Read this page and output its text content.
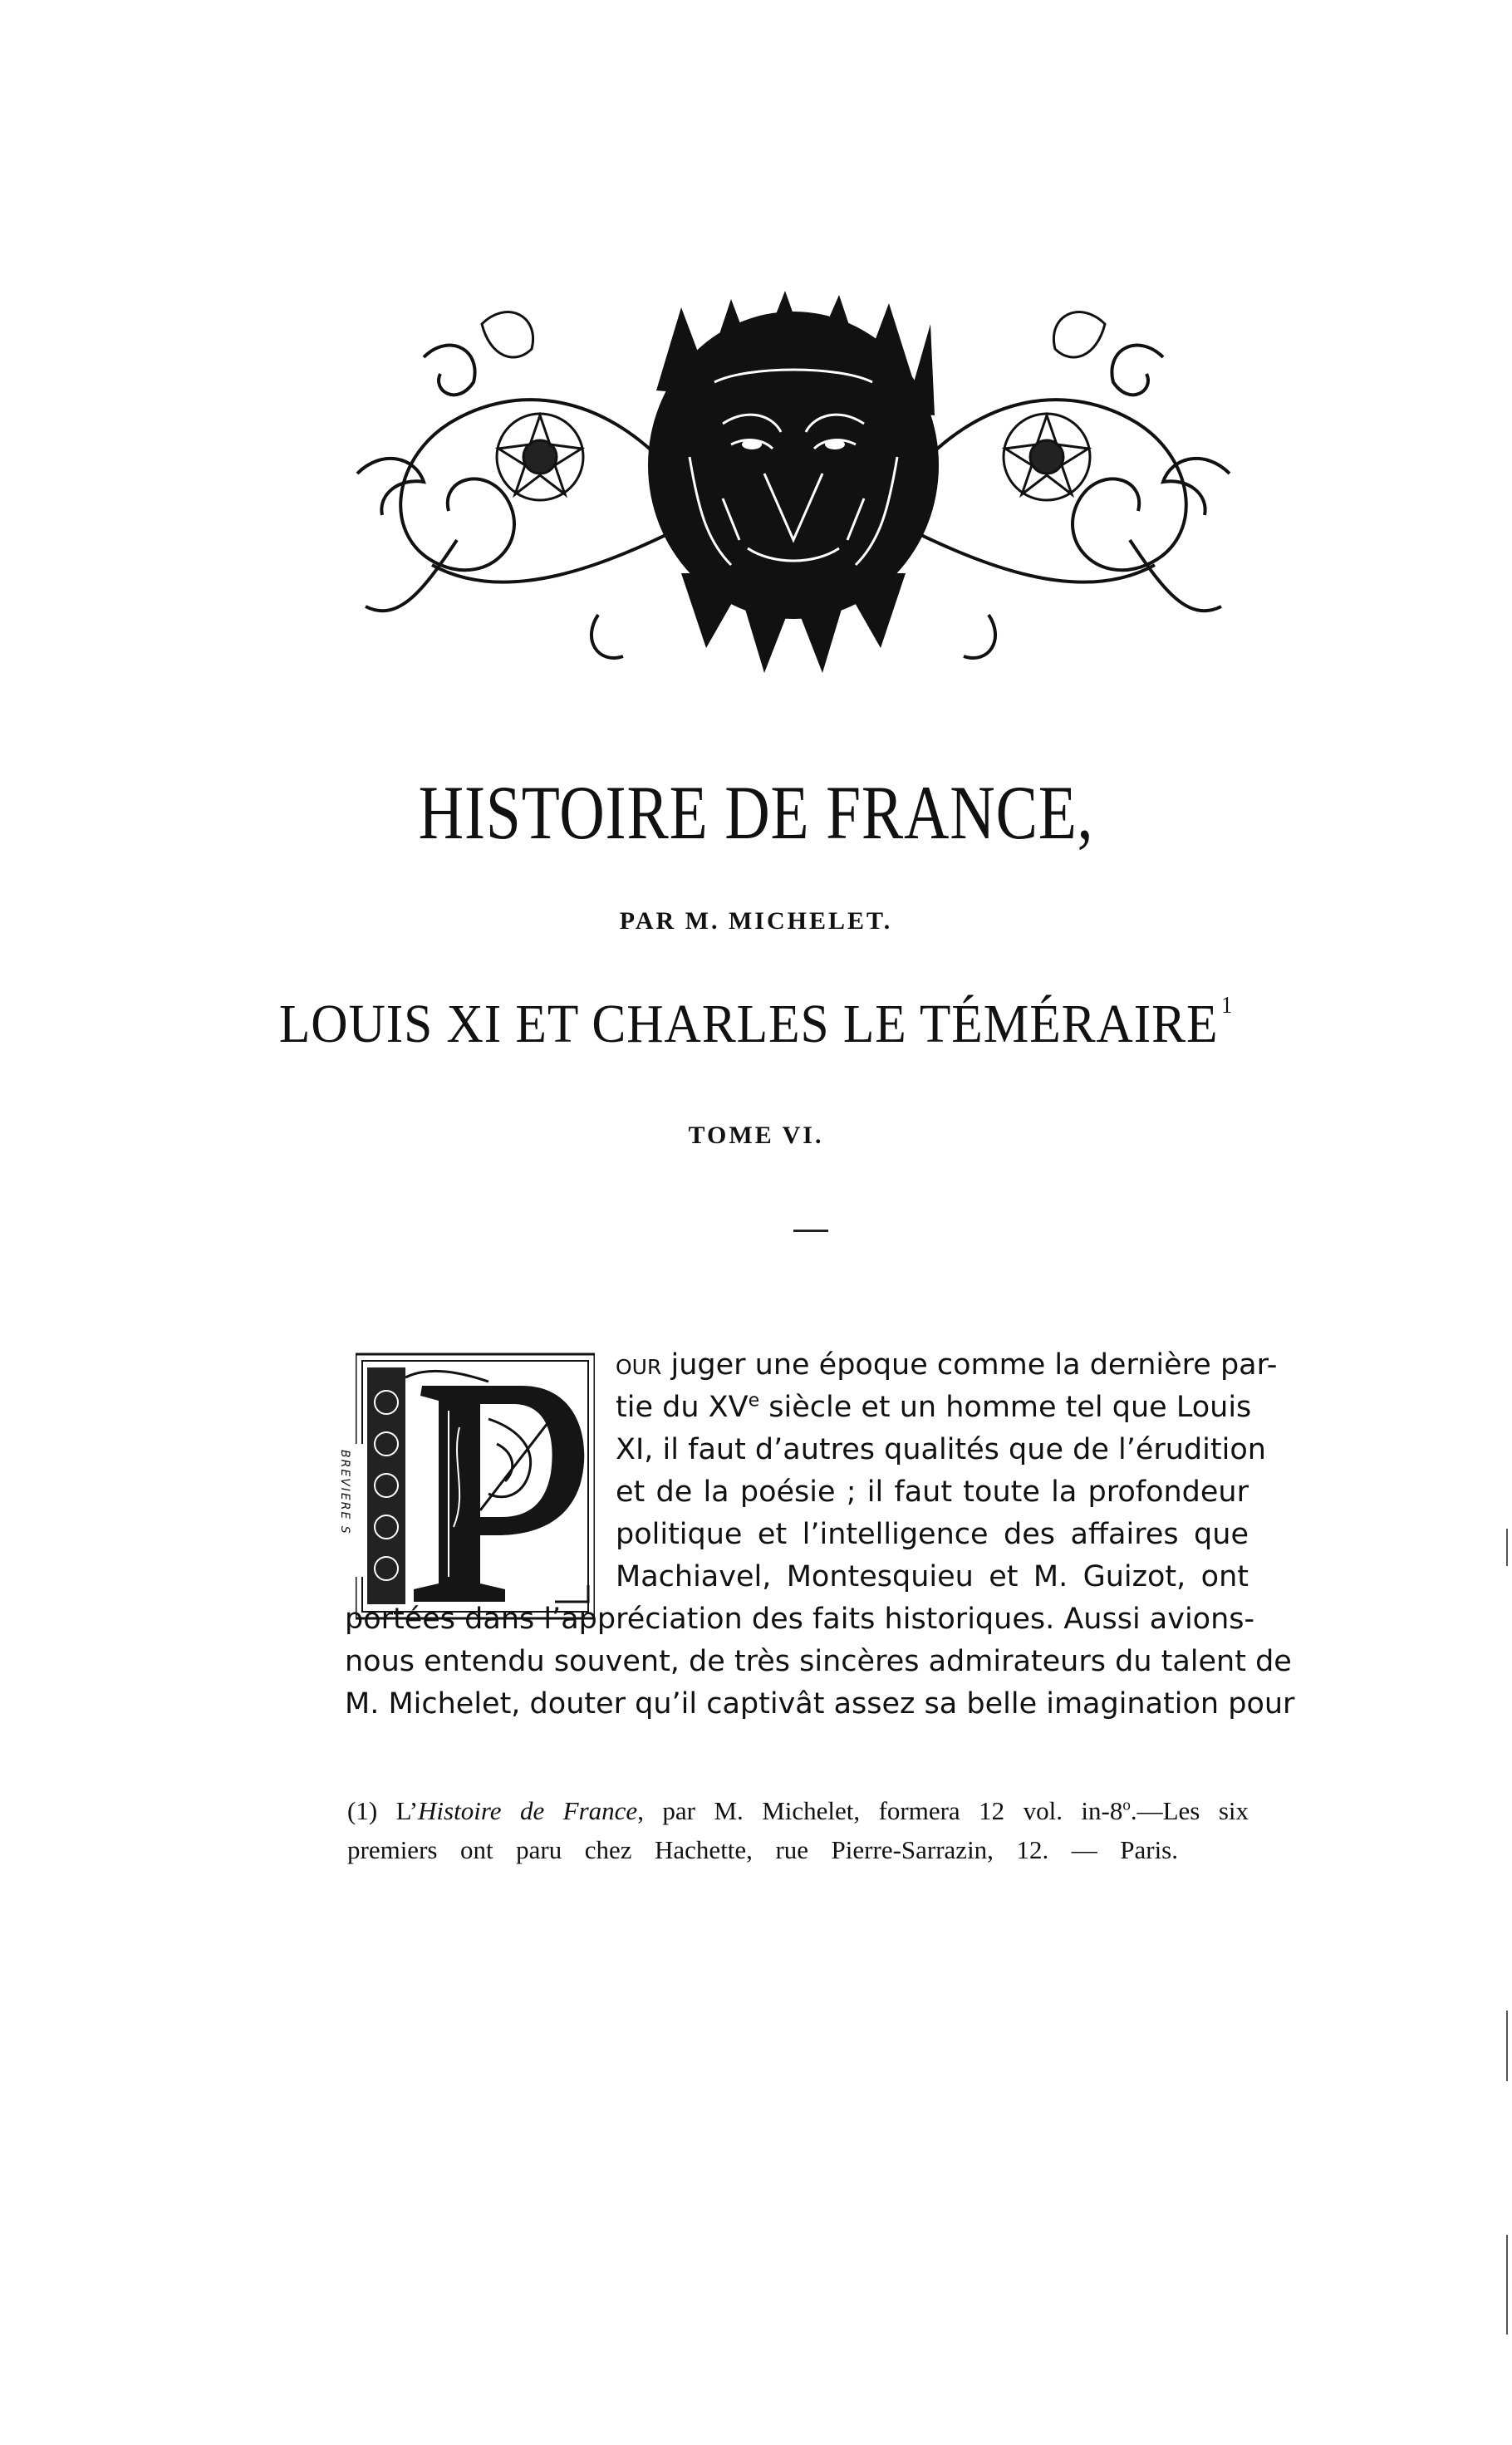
HISTOIRE DE FRANCE,
PAR M. MICHELET.
LOUIS XI ET CHARLES LE TÉMÉRAIRE $^1$
TOME VI.
BREVIERE S
our juger une époque comme la dernière par-
tie du XVe siècle et un homme tel que Louis
XI, il faut d’autres qualités que de l’érudition
et de la poésie ; il faut toute la profondeur
politique et l’intelligence des affaires que
Machiavel, Montesquieu et M. Guizot, ont
portées dans l’appréciation des faits historiques. Aussi avions-
nous entendu souvent, de très sincères admirateurs du talent de
M. Michelet, douter qu’il captivât assez sa belle imagination pour
(1) L’Histoire de France, par M. Michelet, formera 12 vol. in-8$^o$.—Les six
premiers ont paru chez Hachette, rue Pierre-Sarrazin, 12. — Paris.
